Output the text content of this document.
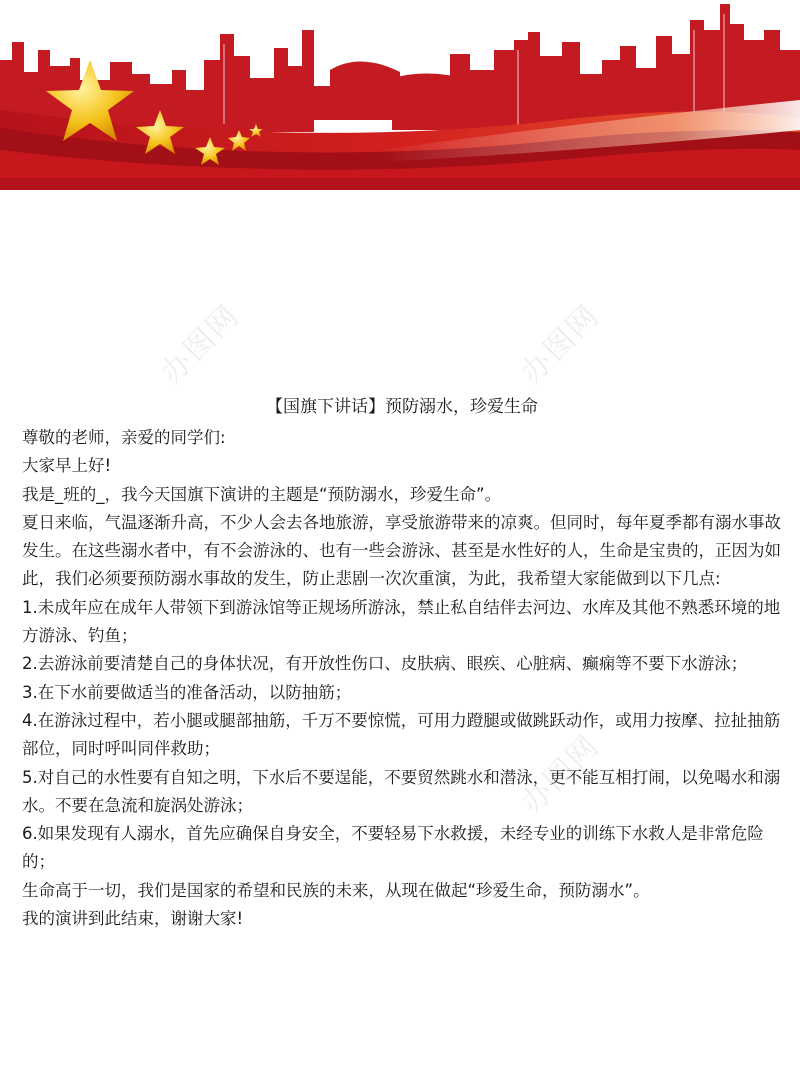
办图网	办图网
办图网
【国旗下讲话】预防溺水，珍爱生命

尊敬的老师，亲爱的同学们:

大家早上好!

我是_班的_，我今天国旗下演讲的主题是“预防溺水，珍爱生命”。

夏日来临，气温逐渐升高，不少人会去各地旅游，享受旅游带来的凉爽。但同时，每年夏季都有溺水事故发生。在这些溺水者中，有不会游泳的、也有一些会游泳、甚至是水性好的人，生命是宝贵的，正因为如此，我们必须要预防溺水事故的发生，防止悲剧一次次重演，为此，我希望大家能做到以下几点:

1.未成年应在成年人带领下到游泳馆等正规场所游泳，禁止私自结伴去河边、水库及其他不熟悉环境的地方游泳、钓鱼；

2.去游泳前要清楚自己的身体状况，有开放性伤口、皮肤病、眼疾、心脏病、癫痫等不要下水游泳；

3.在下水前要做适当的准备活动，以防抽筋；

4.在游泳过程中，若小腿或腿部抽筋，千万不要惊慌，可用力蹬腿或做跳跃动作，或用力按摩、拉扯抽筋部位，同时呼叫同伴救助；

5.对自己的水性要有自知之明，下水后不要逞能，不要贸然跳水和潜泳，更不能互相打闹，以免喝水和溺水。不要在急流和旋涡处游泳；

6.如果发现有人溺水，首先应确保自身安全，不要轻易下水救援，未经专业的训练下水救人是非常危险的；

生命高于一切，我们是国家的希望和民族的未来，从现在做起“珍爱生命，预防溺水”。

我的演讲到此结束，谢谢大家!
